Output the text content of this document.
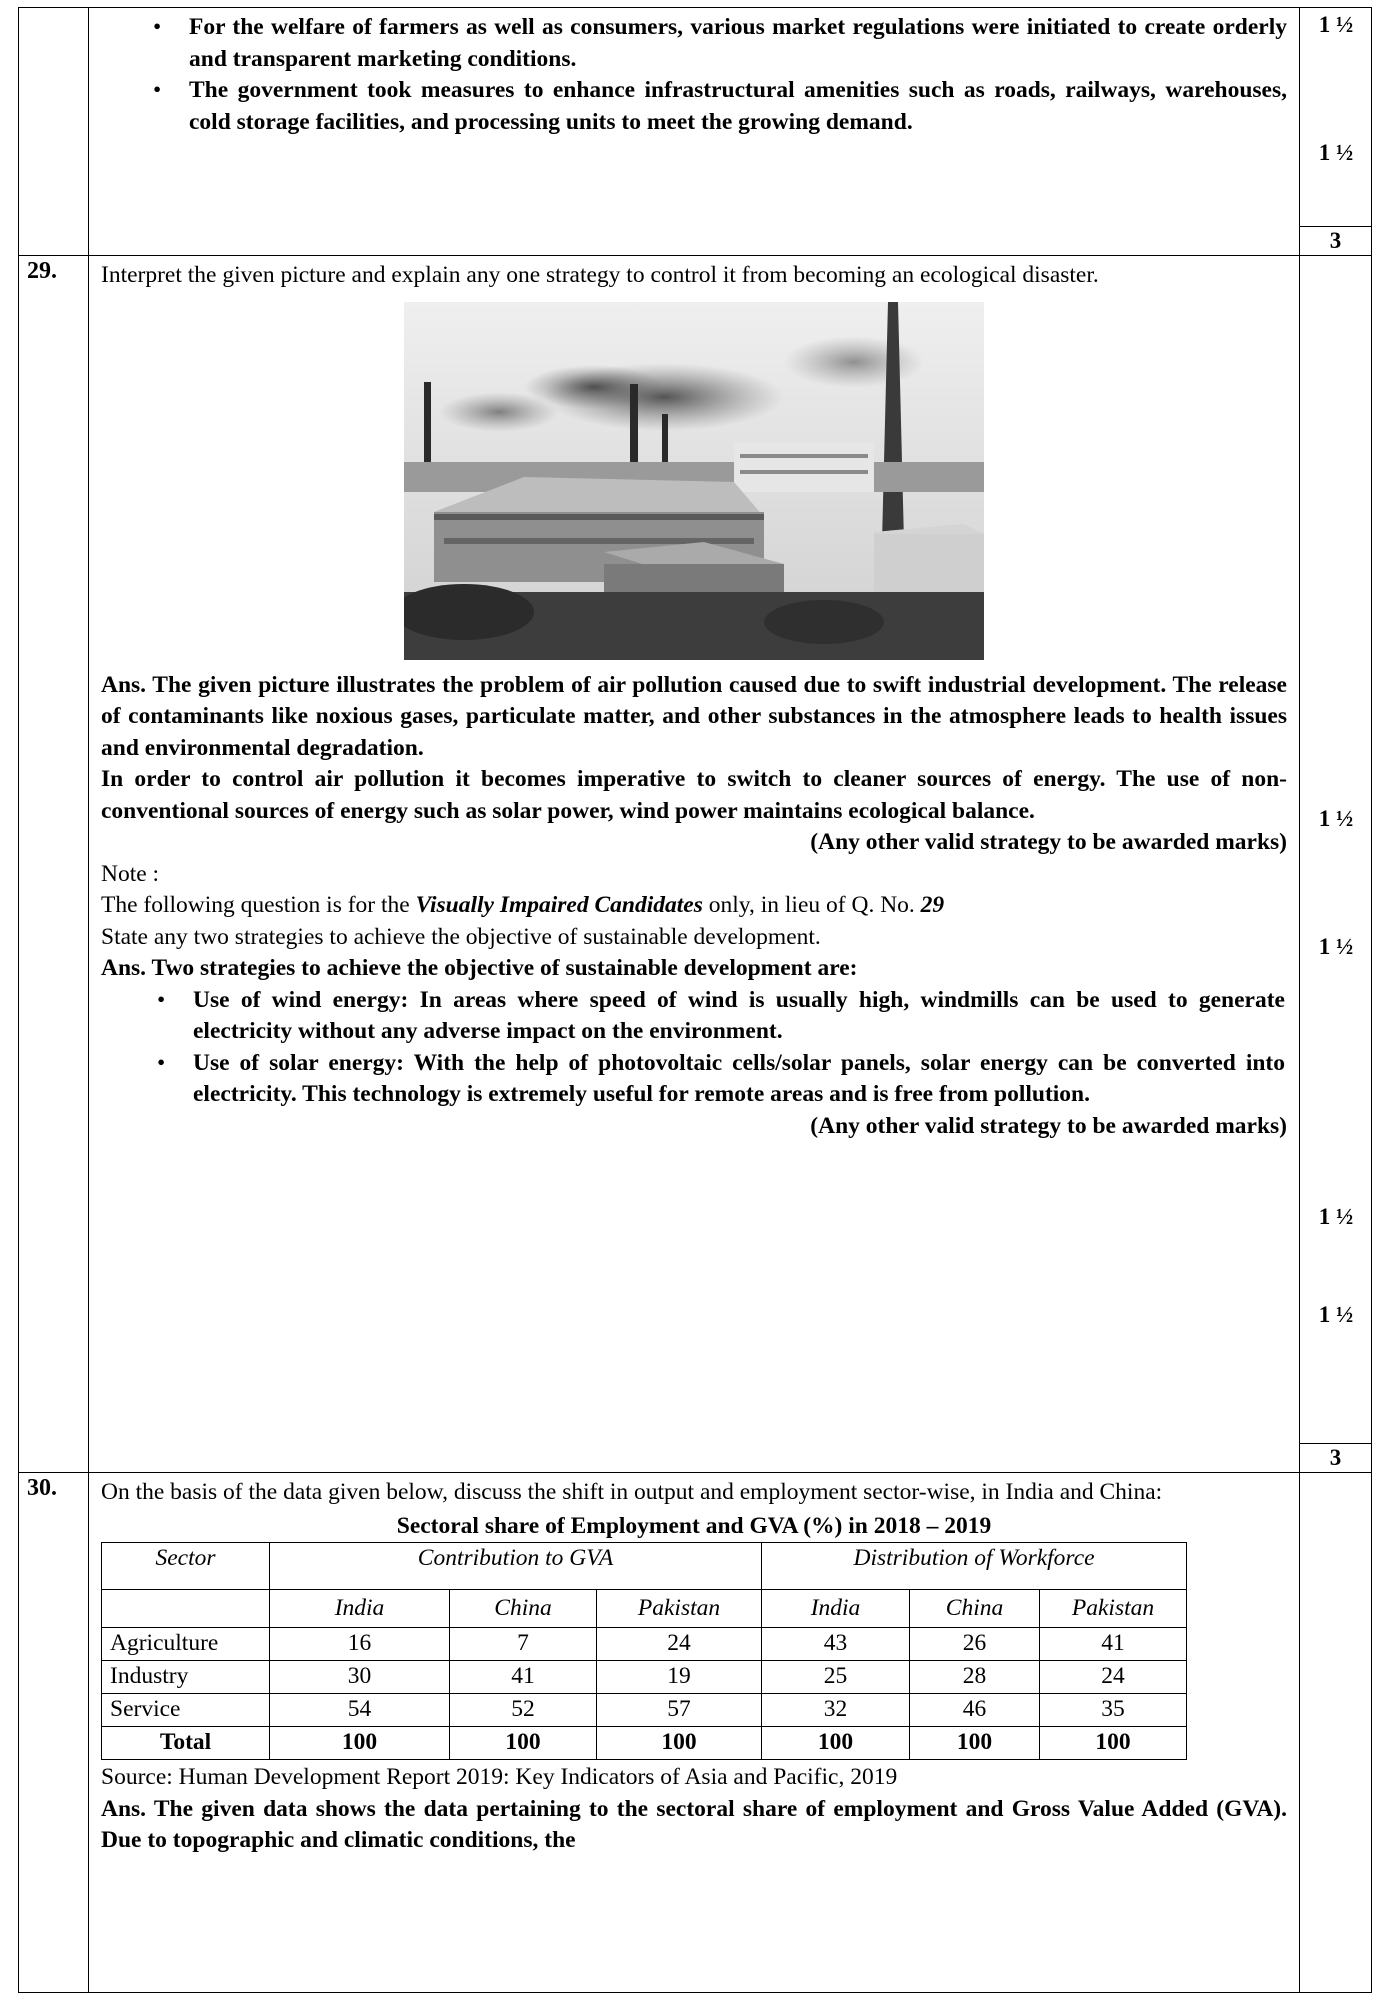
• For the welfare of farmers as well as consumers, various market regulations were initiated to create orderly and transparent marketing conditions.
• The government took measures to enhance infrastructural amenities such as roads, railways, warehouses, cold storage facilities, and processing units to meet the growing demand.

1 ½
1 ½
3

29.	Interpret the given picture and explain any one strategy to control it from becoming an ecological disaster.
Ans. The given picture illustrates the problem of air pollution caused due to swift industrial development. The release of contaminants like noxious gases, particulate matter, and other substances in the atmosphere leads to health issues and environmental degradation.
In order to control air pollution it becomes imperative to switch to cleaner sources of energy. The use of non-conventional sources of energy such as solar power, wind power maintains ecological balance.
(Any other valid strategy to be awarded marks)
Note :
The following question is for the Visually Impaired Candidates only, in lieu of Q. No. 29
State any two strategies to achieve the objective of sustainable development.
Ans. Two strategies to achieve the objective of sustainable development are:
• Use of wind energy: In areas where speed of wind is usually high, windmills can be used to generate electricity without any adverse impact on the environment.
• Use of solar energy: With the help of photovoltaic cells/solar panels, solar energy can be converted into electricity. This technology is extremely useful for remote areas and is free from pollution.
(Any other valid strategy to be awarded marks)

1 ½
1 ½
1 ½
1 ½
3

30.	On the basis of the data given below, discuss the shift in output and employment sector-wise, in India and China:
Sectoral share of Employment and GVA (%) in 2018 – 2019
Sector	Contribution to GVA	Distribution of Workforce
	India	China	Pakistan	India	China	Pakistan
Agriculture	16	7	24	43	26	41
Industry	30	41	19	25	28	24
Service	54	52	57	32	46	35
Total	100	100	100	100	100	100
Source: Human Development Report 2019: Key Indicators of Asia and Pacific, 2019
Ans. The given data shows the data pertaining to the sectoral share of employment and Gross Value Added (GVA). Due to topographic and climatic conditions, the
